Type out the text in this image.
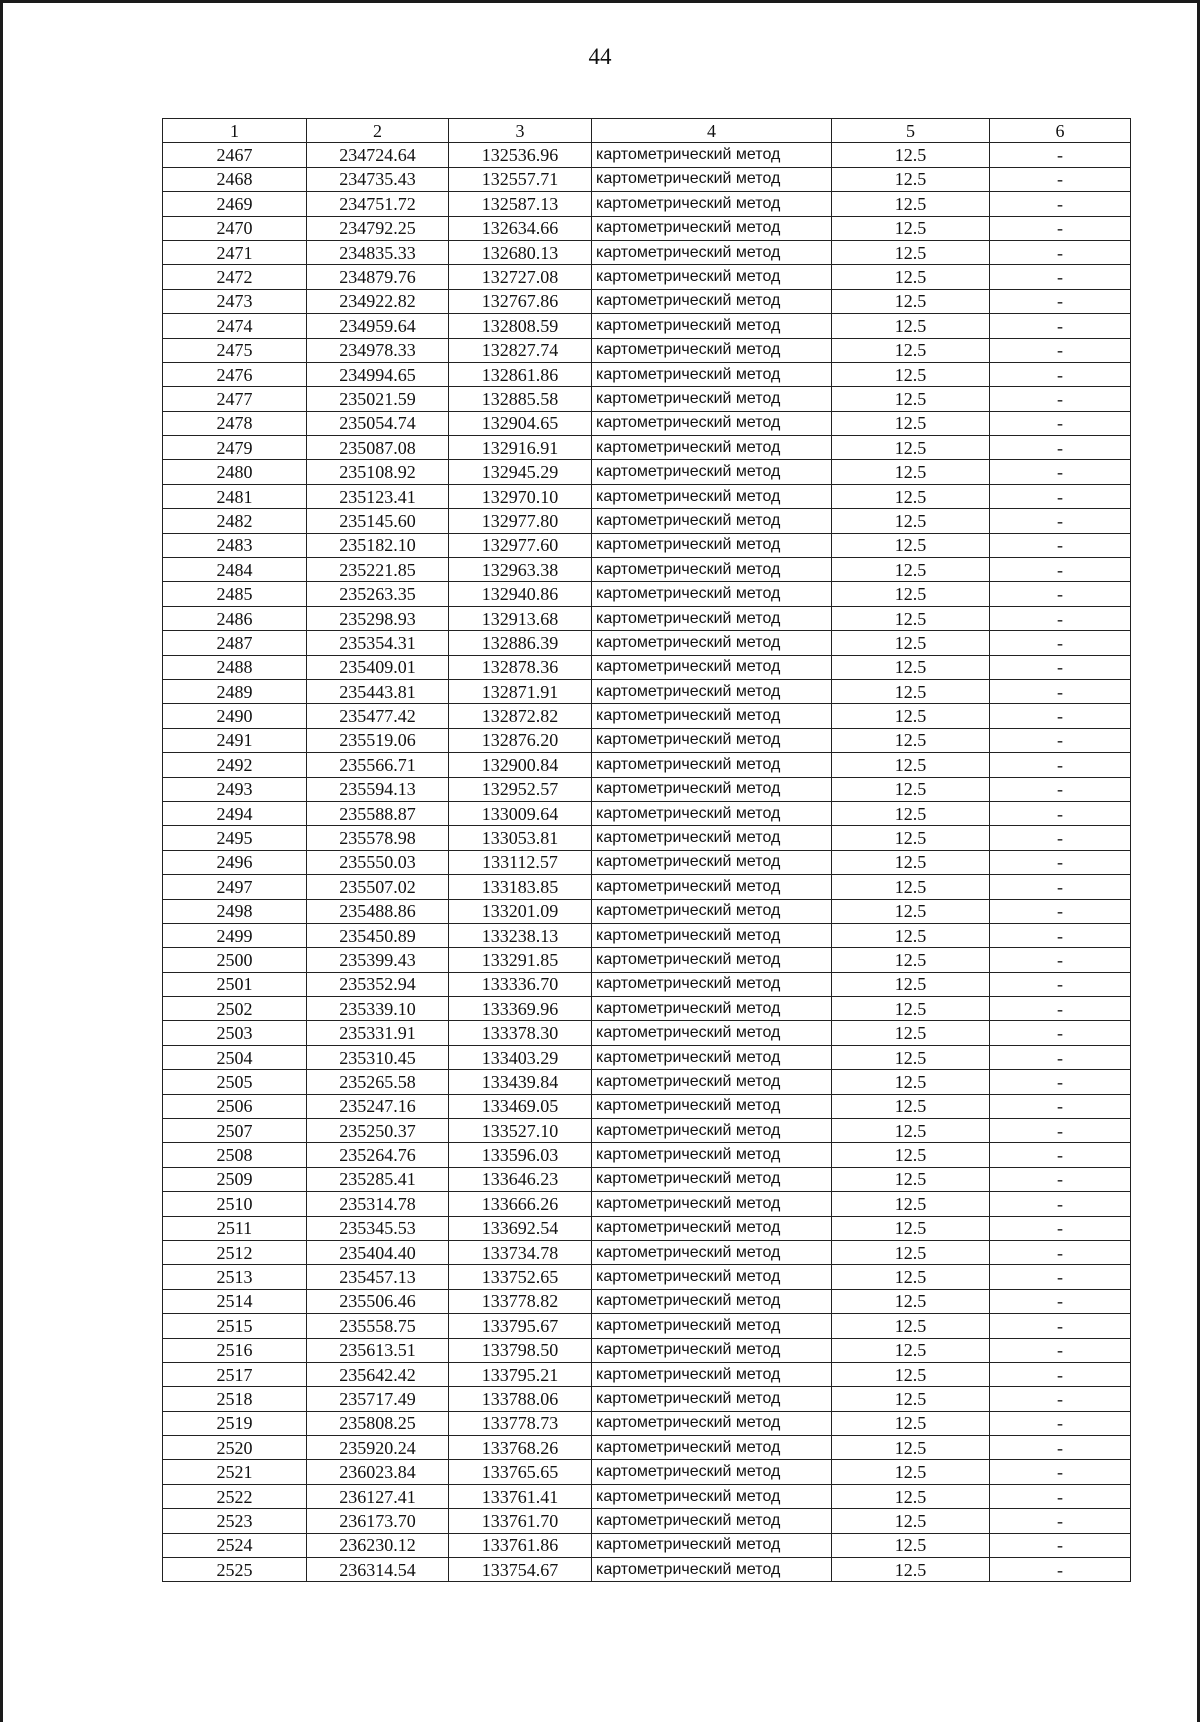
44
1	2	3	4	5	6
2467	234724.64	132536.96	картометрический метод	12.5	-
2468	234735.43	132557.71	картометрический метод	12.5	-
2469	234751.72	132587.13	картометрический метод	12.5	-
2470	234792.25	132634.66	картометрический метод	12.5	-
2471	234835.33	132680.13	картометрический метод	12.5	-
2472	234879.76	132727.08	картометрический метод	12.5	-
2473	234922.82	132767.86	картометрический метод	12.5	-
2474	234959.64	132808.59	картометрический метод	12.5	-
2475	234978.33	132827.74	картометрический метод	12.5	-
2476	234994.65	132861.86	картометрический метод	12.5	-
2477	235021.59	132885.58	картометрический метод	12.5	-
2478	235054.74	132904.65	картометрический метод	12.5	-
2479	235087.08	132916.91	картометрический метод	12.5	-
2480	235108.92	132945.29	картометрический метод	12.5	-
2481	235123.41	132970.10	картометрический метод	12.5	-
2482	235145.60	132977.80	картометрический метод	12.5	-
2483	235182.10	132977.60	картометрический метод	12.5	-
2484	235221.85	132963.38	картометрический метод	12.5	-
2485	235263.35	132940.86	картометрический метод	12.5	-
2486	235298.93	132913.68	картометрический метод	12.5	-
2487	235354.31	132886.39	картометрический метод	12.5	-
2488	235409.01	132878.36	картометрический метод	12.5	-
2489	235443.81	132871.91	картометрический метод	12.5	-
2490	235477.42	132872.82	картометрический метод	12.5	-
2491	235519.06	132876.20	картометрический метод	12.5	-
2492	235566.71	132900.84	картометрический метод	12.5	-
2493	235594.13	132952.57	картометрический метод	12.5	-
2494	235588.87	133009.64	картометрический метод	12.5	-
2495	235578.98	133053.81	картометрический метод	12.5	-
2496	235550.03	133112.57	картометрический метод	12.5	-
2497	235507.02	133183.85	картометрический метод	12.5	-
2498	235488.86	133201.09	картометрический метод	12.5	-
2499	235450.89	133238.13	картометрический метод	12.5	-
2500	235399.43	133291.85	картометрический метод	12.5	-
2501	235352.94	133336.70	картометрический метод	12.5	-
2502	235339.10	133369.96	картометрический метод	12.5	-
2503	235331.91	133378.30	картометрический метод	12.5	-
2504	235310.45	133403.29	картометрический метод	12.5	-
2505	235265.58	133439.84	картометрический метод	12.5	-
2506	235247.16	133469.05	картометрический метод	12.5	-
2507	235250.37	133527.10	картометрический метод	12.5	-
2508	235264.76	133596.03	картометрический метод	12.5	-
2509	235285.41	133646.23	картометрический метод	12.5	-
2510	235314.78	133666.26	картометрический метод	12.5	-
2511	235345.53	133692.54	картометрический метод	12.5	-
2512	235404.40	133734.78	картометрический метод	12.5	-
2513	235457.13	133752.65	картометрический метод	12.5	-
2514	235506.46	133778.82	картометрический метод	12.5	-
2515	235558.75	133795.67	картометрический метод	12.5	-
2516	235613.51	133798.50	картометрический метод	12.5	-
2517	235642.42	133795.21	картометрический метод	12.5	-
2518	235717.49	133788.06	картометрический метод	12.5	-
2519	235808.25	133778.73	картометрический метод	12.5	-
2520	235920.24	133768.26	картометрический метод	12.5	-
2521	236023.84	133765.65	картометрический метод	12.5	-
2522	236127.41	133761.41	картометрический метод	12.5	-
2523	236173.70	133761.70	картометрический метод	12.5	-
2524	236230.12	133761.86	картометрический метод	12.5	-
2525	236314.54	133754.67	картометрический метод	12.5	-
